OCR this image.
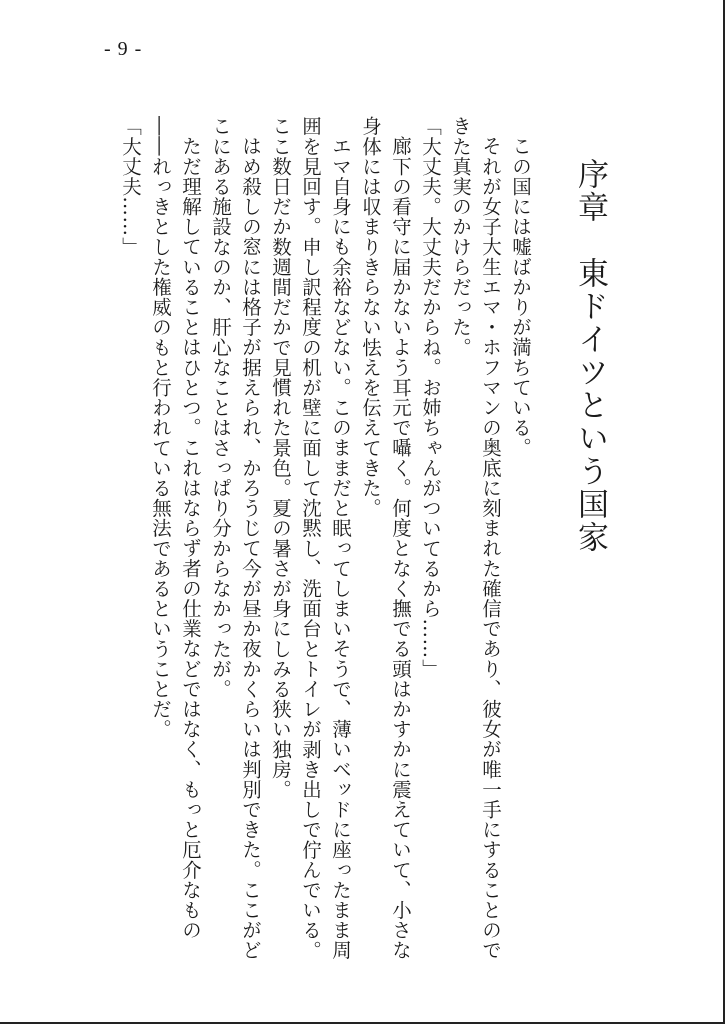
- 9 -
序章　東ドイツという国家

この国には嘘ばかりが満ちている。

それが女子大生エマ・ホフマンの奥底に刻まれた確信であり、彼女が唯一手にすることのできた真実のかけらだった。

「大丈夫。大丈夫だからね。お姉ちゃんがついてるから……」

廊下の看守に届かないよう耳元で囁く。何度となく撫でる頭はかすかに震えていて、小さな身体には収まりきらない怯えを伝えてきた。

エマ自身にも余裕などない。このままだと眠ってしまいそうで、薄いベッドに座ったまま周囲を見回す。申し訳程度の机が壁に面して沈黙し、洗面台とトイレが剥き出しで佇んでいる。ここ数日だか数週間だかで見慣れた景色。夏の暑さが身にしみる狭い独房。

はめ殺しの窓には格子が据えられ、かろうじて今が昼か夜かくらいは判別できた。ここがどこにある施設なのか、肝心なことはさっぱり分からなかったが。

ただ理解していることはひとつ。これはならず者の仕業などではなく、もっと厄介なもの――れっきとした権威のもと行われている無法であるということだ。

「大丈夫……」
